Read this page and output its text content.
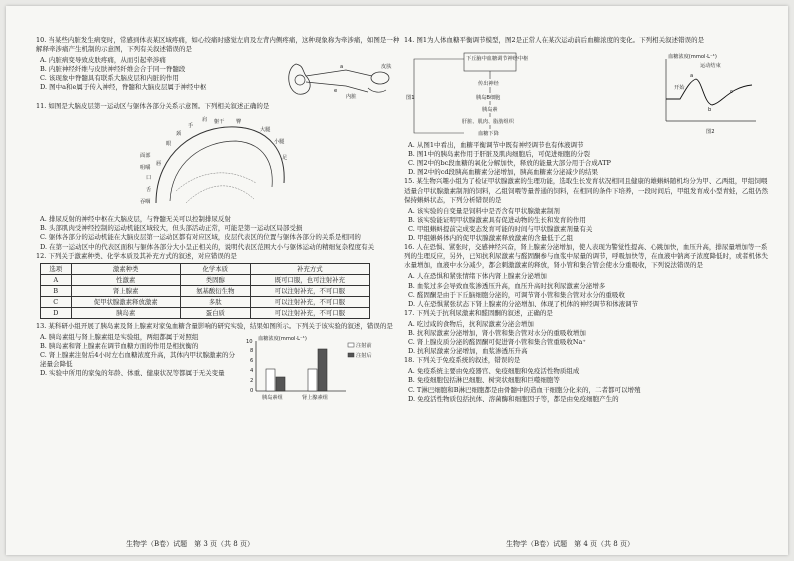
10. 当某些内脏发生病变时，常感到体表某区域疼痛，如心绞痛时感觉左肩及左背内侧疼痛，这种现象称为牵涉痛，如图是一种解释牵涉痛产生机制的示意图，下列有关叙述错误的是
A. 内脏病变导致皮肤疼痛，从而引起牵涉痛
B. 内脏神经纤维与皮肤神经纤维会合于同一脊髓段
C. 该现象中脊髓具有联系大脑皮层和内脏的作用
D. 图中a和e属于传入神经，脊髓和大脑皮层属于神经中枢
皮肤
内脏
a
e
11. 如图是大脑皮层第一运动区与躯体各部分关系示意图。下列相关叙述正确的是
手
躯干 臀
肩
大腿
小腿
眼
口
舌
颈
面部
咀嚼
吞咽
足
唇
A. 排尿反射的神经中枢在大脑皮层，与脊髓无关可以控制排尿反射
B. 头部肌肉受神经控制的运动机能区域较大，但头部活动正常，可能是第一运动区局部受损
C. 躯体各部分的运动机能在大脑皮层第一运动区都有对应区域，皮层代表区的位置与躯体各部分的关系是相同的
D. 在第一运动区中的代表区面积与躯体各部分大小呈正相关的，说明代表区范围大小与躯体运动的精细复杂程度有关
12. 下列关于激素种类、化学本质及其补充方式的叙述，对应错误的是
选项	激素种类	化学本质	补充方式
A	性激素	类固醇	既可口服，也可注射补充
B	肾上腺素	氨基酸衍生物	可以注射补充，不可口服
C	促甲状腺激素释放激素	多肽	可以注射补充，不可口服
D	胰岛素	蛋白质	可以注射补充，不可口服
13. 某科研小组开展了胰岛素及肾上腺素对家兔血糖含量影响的研究实验，结果如图所示。下列关于该实验的叙述，错误的是
A. 胰岛素组与肾上腺素组是实验组，两组都属于对照组
B. 胰岛素和肾上腺素在调节血糖方面的作用是相抗衡的
C. 肾上腺素注射后4小时左右血糖浓度升高，其体内甲状腺激素的分泌量会降低
D. 实验中所用的家兔的年龄、体重、健康状况等都属于无关变量
0
2
4
6
8
10 血糖浓度(mmol·L⁻¹)
胰岛素组	肾上腺素组
注射前
注射后
生物学（B卷）试题　第 3 页（共 8 页）
14. 图1为人体血糖平衡调节模型，图2是正常人在某次运动前后血糖浓度的变化。下列相关叙述错误的是
下丘脑中血糖调节神经中枢
传出神经
胰岛B细胞
胰岛素
肝脏、肌肉、脂肪组织
血糖下降
图1
血糖浓度(mmol·L⁻¹)
a
b
c
开始
运动结束
图2
A. 从图1中看出，血糖平衡调节中既有神经调节也有体液调节
B. 图1中的胰岛素作用于肝脏及肌肉细胞后，可促进细胞的分裂
C. 图2中的bc段血糖的氧化分解加快，释放的能量大部分用于合成ATP
D. 图2中的cd段胰高血糖素分泌增加，胰高血糖素分泌减少的结果
15. 某生物兴趣小组为了检证甲状腺激素的生理功能，选取生长发育状况相同且健康的雄蝌蚪随机均分为甲、乙两组，甲组饲喂适量合甲状腺激素制剂的饲料，乙组饲喂等量普通的饲料，在相同的条件下培养，一段时间后，甲组发育成小型青蛙，乙组仍然保持蝌蚪状态，下列分析错误的是
A. 该实验的自变量是饲料中是否含有甲状腺激素制剂
B. 该实验能证明甲状腺激素具有促进动物的生长和发育的作用
C. 甲组蝌蚪提前完成变态发育可能的时间与甲状腺激素剂量有关
D. 甲组蝌蚪体内的促甲状腺激素释放激素的含量低于乙组
16. 人在恐惧、紧张时，交感神经兴奋，肾上腺素分泌增加，使人表现为警觉性提高、心跳加快，血压升高，排尿量增加等一系列的生理反应，另外，已知抗利尿激素与醛固酮参与血浆中尿量的调节，呼吸加快等，在血液中钠离子浓度降低时，或者机体失水量增加，血液中水分减少，都会刺激激素的释放，肾小管和集合管会使水分重吸收，下列说法错误的是
A. 人在恐惧和紧张情绪下体内肾上腺素分泌增加
B. 血浆过多会导致血浆渗透压升高，血压升高时抗利尿激素分泌增多
C. 醛固酮是由于下丘脑细胞分泌的，可调节肾小管和集合管对水分的重吸收
D. 人在恐惧紧张状态下肾上腺素的分泌增加、体现了机体的神经调节和体液调节
17. 下列关于抗利尿激素和醛固酮的叙述，正确的是
A. 吃过咸的食物后，抗利尿激素分泌会增加
B. 抗利尿激素分泌增加，肾小管和集合管对水分的重吸收增加
C. 肾上腺皮质分泌的醛固酮可促进肾小管和集合管重吸收Na⁺
D. 抗利尿激素分泌增加，血浆渗透压升高
18. 下列关于免疫系统的叙述，错误的是
A. 免疫系统主要由免疫器官、免疫细胞和免疫活性物质组成
B. 免疫细胞包括淋巴细胞、树突状细胞和巨噬细胞等
C. T淋巴细胞和B淋巴细胞都是由骨髓中的造血干细胞分化来的，二者都可以增殖
D. 免疫活性物质包括抗体、溶菌酶和细胞因子等，都是由免疫细胞产生的
生物学（B卷）试题　第 4 页（共 8 页）
